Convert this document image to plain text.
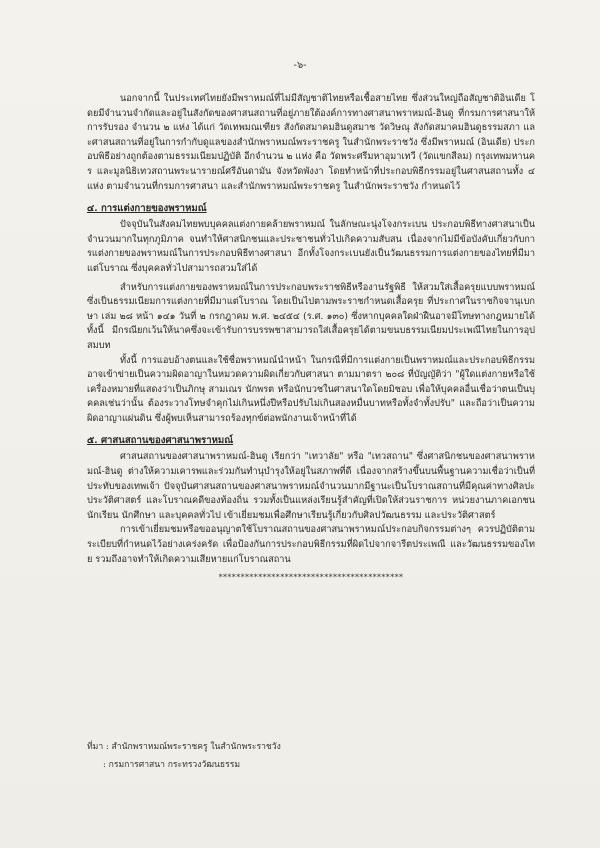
-๖-

นอกจากนี้ ในประเทศไทยยังมีพราหมณ์ที่ไม่มีสัญชาติไทยหรือเชื้อสายไทย ซึ่งส่วนใหญ่ถือสัญชาติอินเดีย โดยมีจำนวนจำกัดและอยู่ในสังกัดของศาสนสถานที่อยู่ภายใต้องค์การทางศาสนาพราหมณ์-ฮินดู ที่กรมการศาสนาให้การรับรอง จำนวน ๒ แห่ง ได้แก่ วัดเทพมณเฑียร สังกัดสมาคมฮินดูสมาช วัดวิษณุ สังกัดสมาคมฮินดูธรรมสภา และศาสนสถานที่อยู่ในการกำกับดูแลของสำนักพราหมณ์พระราชครู ในสำนักพระราชวัง ซึ่งมีพราหมณ์ (อินเดีย) ประกอบพิธีอย่างถูกต้องตามธรรมเนียมปฏิบัติ อีกจำนวน ๒ แห่ง คือ วัดพระศรีมหาอุมาเทวี (วัดแขกสีลม) กรุงเทพมหานคร และมูลนิธิเทวสถานพระนารายณ์ศรีอันดามัน จังหวัดพังงา โดยทำหน้าที่ประกอบพิธีกรรมอยู่ในศาสนสถานทั้ง ๔ แห่ง ตามจำนวนที่กรมการศาสนา และสำนักพราหมณ์พระราชครู ในสำนักพระราชวัง กำหนดไว้

๔. การแต่งกายของพราหมณ์

ปัจจุบันในสังคมไทยพบบุคคลแต่งกายคล้ายพราหมณ์ ในลักษณะนุ่งโจงกระเบน ประกอบพิธีทางศาสนาเป็นจำนวนมากในทุกภูมิภาค จนทำให้ศาสนิกชนและประชาชนทั่วไปเกิดความสับสน เนื่องจากไม่มีข้อบังคับเกี่ยวกับการแต่งกายของพราหมณ์ในการประกอบพิธีทางศาสนา อีกทั้งโจงกระเบนยังเป็นวัฒนธรรมการแต่งกายของไทยที่มีมาแต่โบราณ ซึ่งบุคคลทั่วไปสามารถสวมใส่ได้

สำหรับการแต่งกายของพราหมณ์ในการประกอบพระราชพิธีหรืองานรัฐพิธี ให้สวมใส่เสื้อครุยแบบพราหมณ์ ซึ่งเป็นธรรมเนียมการแต่งกายที่มีมาแต่โบราณ โดยเป็นไปตามพระราชกำหนดเสื้อครุย ที่ประกาศในราชกิจจานุเบกษา เล่ม ๒๘ หน้า ๑๔๑ วันที่ ๒ กรกฎาคม พ.ศ. ๒๔๕๔ (ร.ศ. ๑๓๐) ซึ่งหากบุคคลใดฝ่าฝืนอาจมีโทษทางกฎหมายได้ ทั้งนี้ มีกรณียกเว้นให้นาคซึ่งจะเข้ารับการบรรพชาสามารถใส่เสื้อครุยได้ตามขนบธรรมเนียมประเพณีไทยในการอุปสมบท

ทั้งนี้ การแอบอ้างตนและใช้ชื่อพราหมณ์นำหน้า ในกรณีที่มีการแต่งกายเป็นพราหมณ์และประกอบพิธีกรรม อาจเข้าข่ายเป็นความผิดอาญาในหมวดความผิดเกี่ยวกับศาสนา ตามมาตรา ๒๐๘ ที่บัญญัติว่า "ผู้ใดแต่งกายหรือใช้เครื่องหมายที่แสดงว่าเป็นภิกษุ สามเณร นักพรต หรือนักบวชในศาสนาใดโดยมิชอบ เพื่อให้บุคคลอื่นเชื่อว่าตนเป็นบุคคลเช่นว่านั้น ต้องระวางโทษจำคุกไม่เกินหนึ่งปีหรือปรับไม่เกินสองหมื่นบาทหรือทั้งจำทั้งปรับ" และถือว่าเป็นความผิดอาญาแผ่นดิน ซึ่งผู้พบเห็นสามารถร้องทุกข์ต่อพนักงานเจ้าหน้าที่ได้

๕. ศาสนสถานของศาสนาพราหมณ์

ศาสนสถานของศาสนาพราหมณ์-ฮินดู เรียกว่า "เทวาลัย" หรือ "เทวสถาน" ซึ่งศาสนิกชนของศาสนาพราหมณ์-ฮินดู ต่างให้ความเคารพและร่วมกันทำนุบำรุงให้อยู่ในสภาพที่ดี เนื่องจากสร้างขึ้นบนพื้นฐานความเชื่อว่าเป็นที่ประทับของเทพเจ้า ปัจจุบันศาสนสถานของศาสนาพราหมณ์จำนวนมากมีฐานะเป็นโบราณสถานที่มีคุณค่าทางศิลปะ ประวัติศาสตร์ และโบราณคดีของท้องถิ่น รวมทั้งเป็นแหล่งเรียนรู้สำคัญที่เปิดให้ส่วนราชการ หน่วยงานภาคเอกชน นักเรียน นักศึกษา และบุคคลทั่วไป เข้าเยี่ยมชมเพื่อศึกษาเรียนรู้เกี่ยวกับศิลปวัฒนธรรม และประวัติศาสตร์

การเข้าเยี่ยมชมหรือขออนุญาตใช้โบราณสถานของศาสนาพราหมณ์ประกอบกิจกรรมต่างๆ ควรปฏิบัติตามระเบียบที่กำหนดไว้อย่างเคร่งครัด เพื่อป้องกันการประกอบพิธีกรรมที่ผิดไปจากจารีตประเพณี และวัฒนธรรมของไทย รวมถึงอาจทำให้เกิดความเสียหายแก่โบราณสถาน

******************************************
ที่มา : สำนักพราหมณ์พระราชครู ในสำนักพระราชวัง
: กรมการศาสนา กระทรวงวัฒนธรรม
